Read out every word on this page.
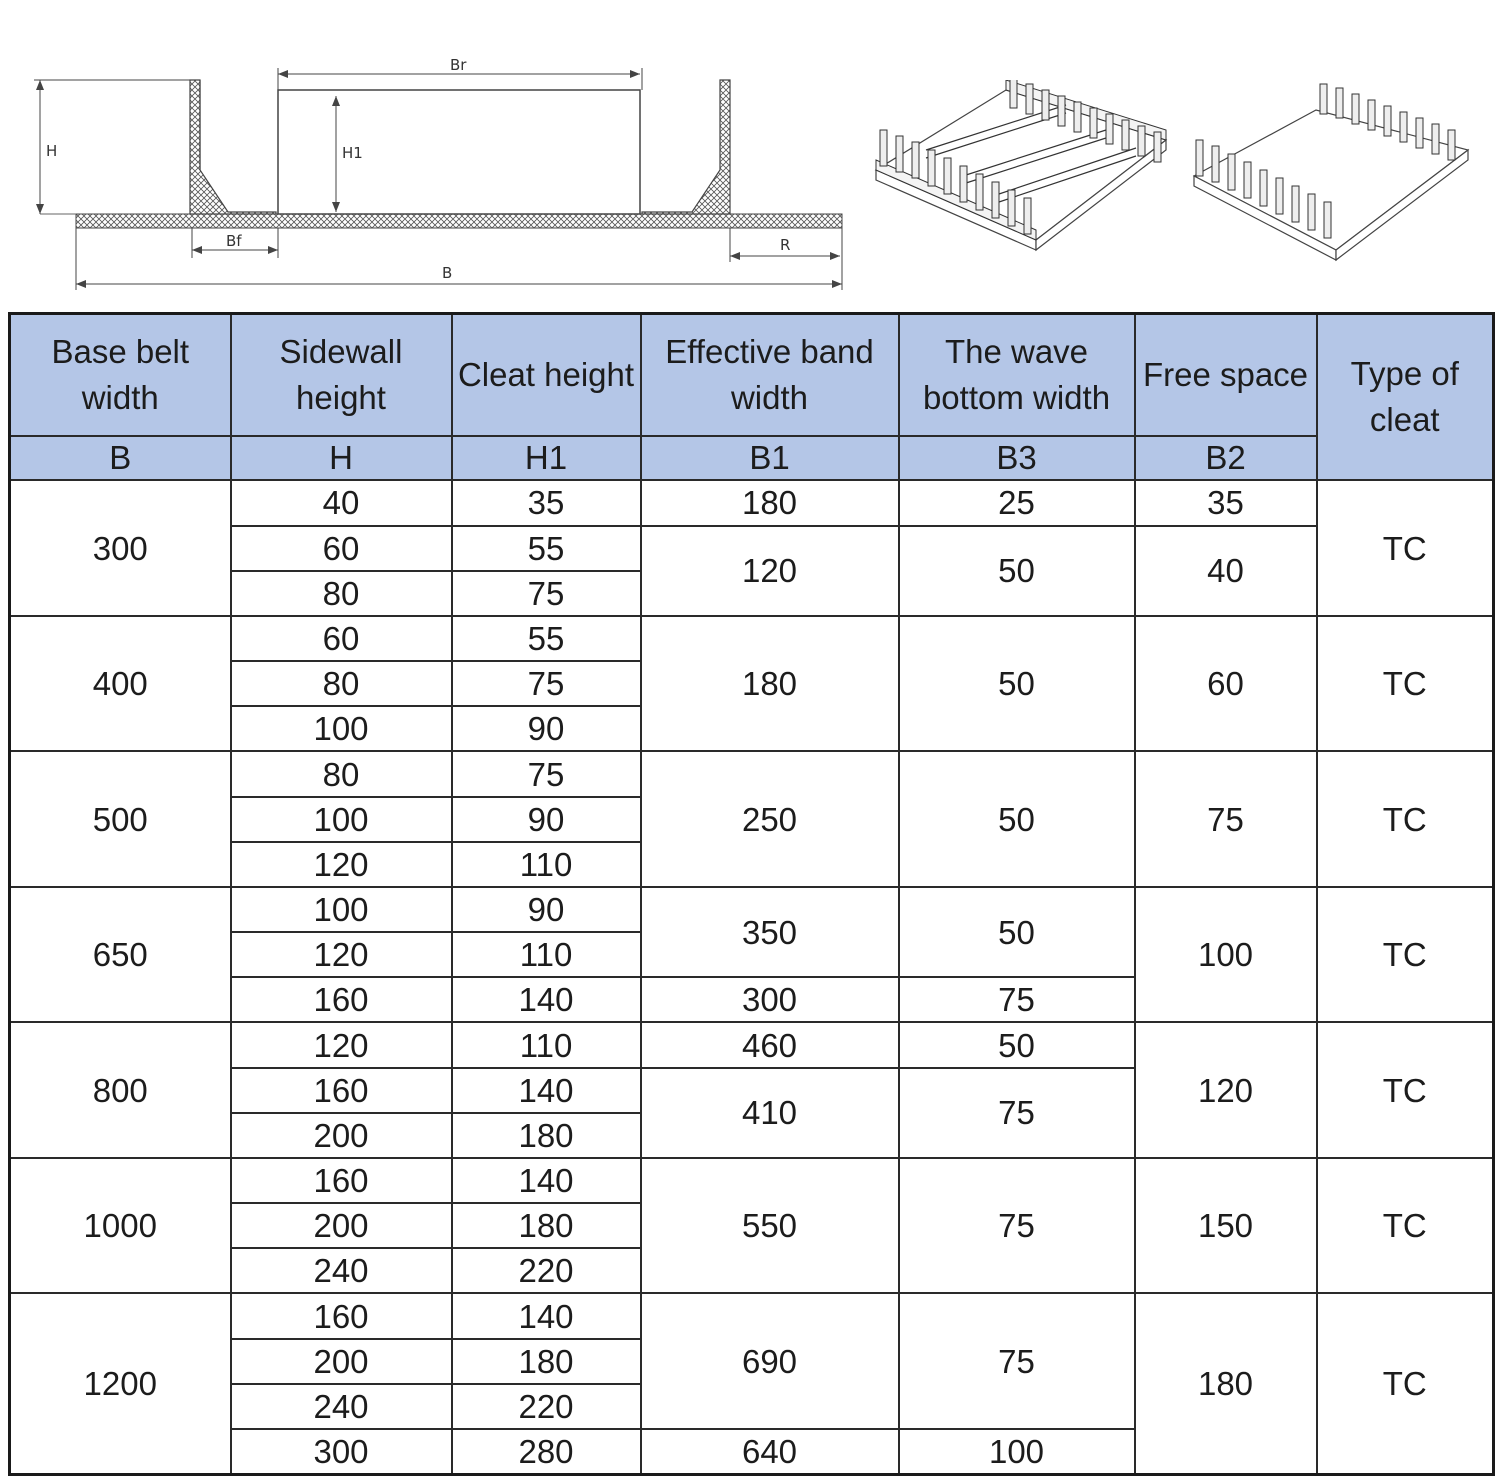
Br
H	H1
Bf	R
B
Base belt width	Sidewall height	Cleat height	Effective band width	The wave bottom width	Free space	Type of cleat
B	H	H1	B1	B3	B2	
300	40	35	180	25	35	TC
	60	55	120	50	40	
	80	75				
400	60	55	180	50	60	TC
	80	75				
	100	90				
500	80	75	250	50	75	TC
	100	90				
	120	110				
650	100	90	350	50	100	TC
	120	110				
	160	140	300	75		
800	120	110	460	50	120	TC
	160	140	410	75		
	200	180				
1000	160	140	550	75	150	TC
	200	180				
	240	220				
1200	160	140	690	75	180	TC
	200	180				
	240	220				
	300	280	640	100		
